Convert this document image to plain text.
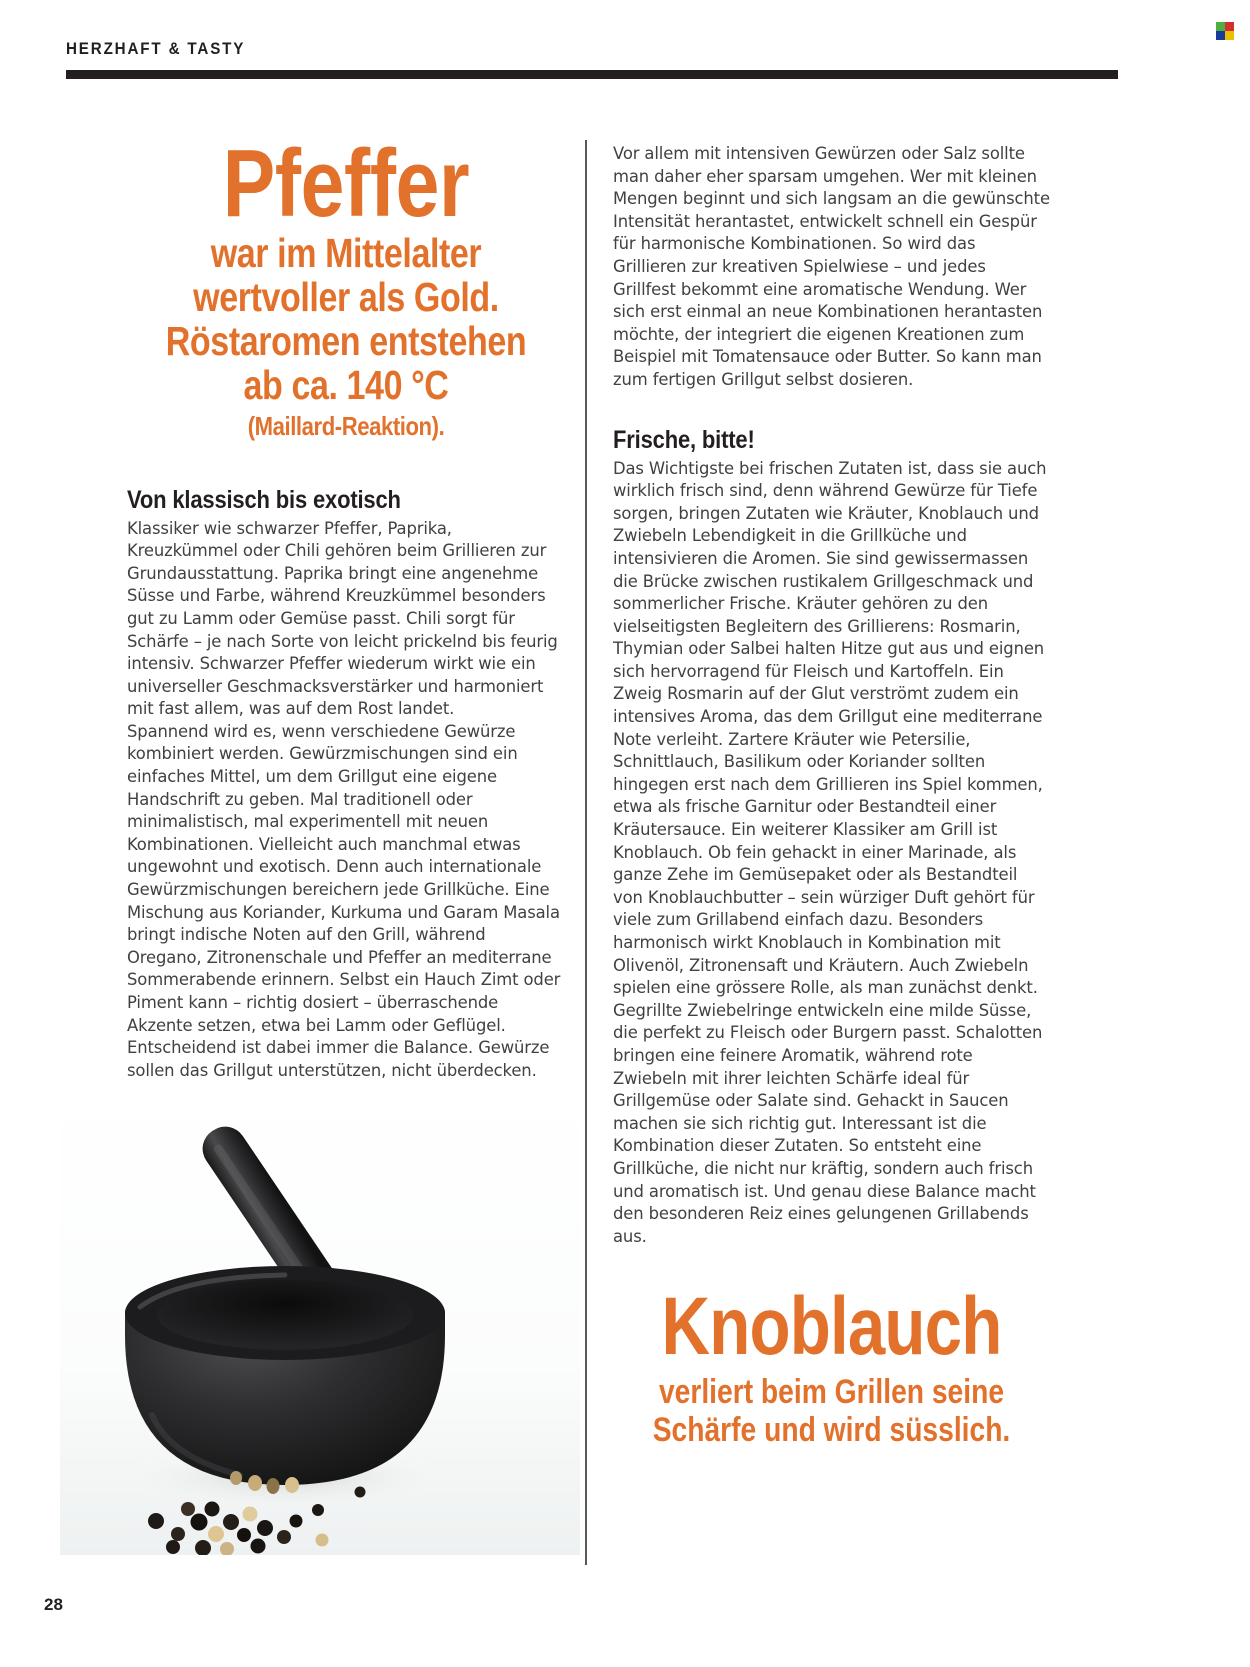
HERZHAFT & TASTY
Pfeffer
war im Mittelalter wertvoller als Gold. Röstaromen entstehen ab ca. 140 °C
(Maillard-Reaktion).
Von klassisch bis exotisch

Klassiker wie schwarzer Pfeffer, Paprika, Kreuzkümmel oder Chili gehören beim Grillieren zur Grundausstattung. Paprika bringt eine angenehme Süsse und Farbe, während Kreuzkümmel besonders gut zu Lamm oder Gemüse passt. Chili sorgt für Schärfe – je nach Sorte von leicht prickelnd bis feurig intensiv. Schwarzer Pfeffer wiederum wirkt wie ein universeller Geschmacksverstärker und harmoniert mit fast allem, was auf dem Rost landet.

Spannend wird es, wenn verschiedene Gewürze kombiniert werden. Gewürzmischungen sind ein einfaches Mittel, um dem Grillgut eine eigene Handschrift zu geben. Mal traditionell oder minimalistisch, mal experimentell mit neuen Kombinationen. Vielleicht auch manchmal etwas ungewohnt und exotisch. Denn auch internationale Gewürzmischungen bereichern jede Grillküche. Eine Mischung aus Koriander, Kurkuma und Garam Masala bringt indische Noten auf den Grill, während Oregano, Zitronenschale und Pfeffer an mediterrane Sommerabende erinnern. Selbst ein Hauch Zimt oder Piment kann – richtig dosiert – überraschende Akzente setzen, etwa bei Lamm oder Geflügel.

Entscheidend ist dabei immer die Balance. Gewürze sollen das Grillgut unterstützen, nicht überdecken.

Vor allem mit intensiven Gewürzen oder Salz sollte man daher eher sparsam umgehen. Wer mit kleinen Mengen beginnt und sich langsam an die gewünschte Intensität herantastet, entwickelt schnell ein Gespür für harmonische Kombinationen. So wird das Grillieren zur kreativen Spielwiese – und jedes Grillfest bekommt eine aromatische Wendung. Wer sich erst einmal an neue Kombinationen herantasten möchte, der integriert die eigenen Kreationen zum Beispiel mit Tomatensauce oder Butter. So kann man zum fertigen Grillgut selbst dosieren.

Frische, bitte!

Das Wichtigste bei frischen Zutaten ist, dass sie auch wirklich frisch sind, denn während Gewürze für Tiefe sorgen, bringen Zutaten wie Kräuter, Knoblauch und Zwiebeln Lebendigkeit in die Grillküche und intensivieren die Aromen. Sie sind gewissermassen die Brücke zwischen rustikalem Grillgeschmack und sommerlicher Frische. Kräuter gehören zu den vielseitigsten Begleitern des Grillierens: Rosmarin, Thymian oder Salbei halten Hitze gut aus und eignen sich hervorragend für Fleisch und Kartoffeln. Ein Zweig Rosmarin auf der Glut verströmt zudem ein intensives Aroma, das dem Grillgut eine mediterrane Note verleiht. Zartere Kräuter wie Petersilie, Schnittlauch, Basilikum oder Koriander sollten hingegen erst nach dem Grillieren ins Spiel kommen, etwa als frische Garnitur oder Bestandteil einer Kräutersauce. Ein weiterer Klassiker am Grill ist Knoblauch. Ob fein gehackt in einer Marinade, als ganze Zehe im Gemüsepaket oder als Bestandteil von Knoblauchbutter – sein würziger Duft gehört für viele zum Grillabend einfach dazu. Besonders harmonisch wirkt Knoblauch in Kombination mit Olivenöl, Zitronensaft und Kräutern. Auch Zwiebeln spielen eine grössere Rolle, als man zunächst denkt. Gegrillte Zwiebelringe entwickeln eine milde Süsse, die perfekt zu Fleisch oder Burgern passt. Schalotten bringen eine feinere Aromatik, während rote Zwiebeln mit ihrer leichten Schärfe ideal für Grillgemüse oder Salate sind. Gehackt in Saucen machen sie sich richtig gut. Interessant ist die Kombination dieser Zutaten. So entsteht eine Grillküche, die nicht nur kräftig, sondern auch frisch und aromatisch ist. Und genau diese Balance macht den besonderen Reiz eines gelungenen Grillabends aus.

Knoblauch
verliert beim Grillen seine Schärfe und wird süsslich.
28
